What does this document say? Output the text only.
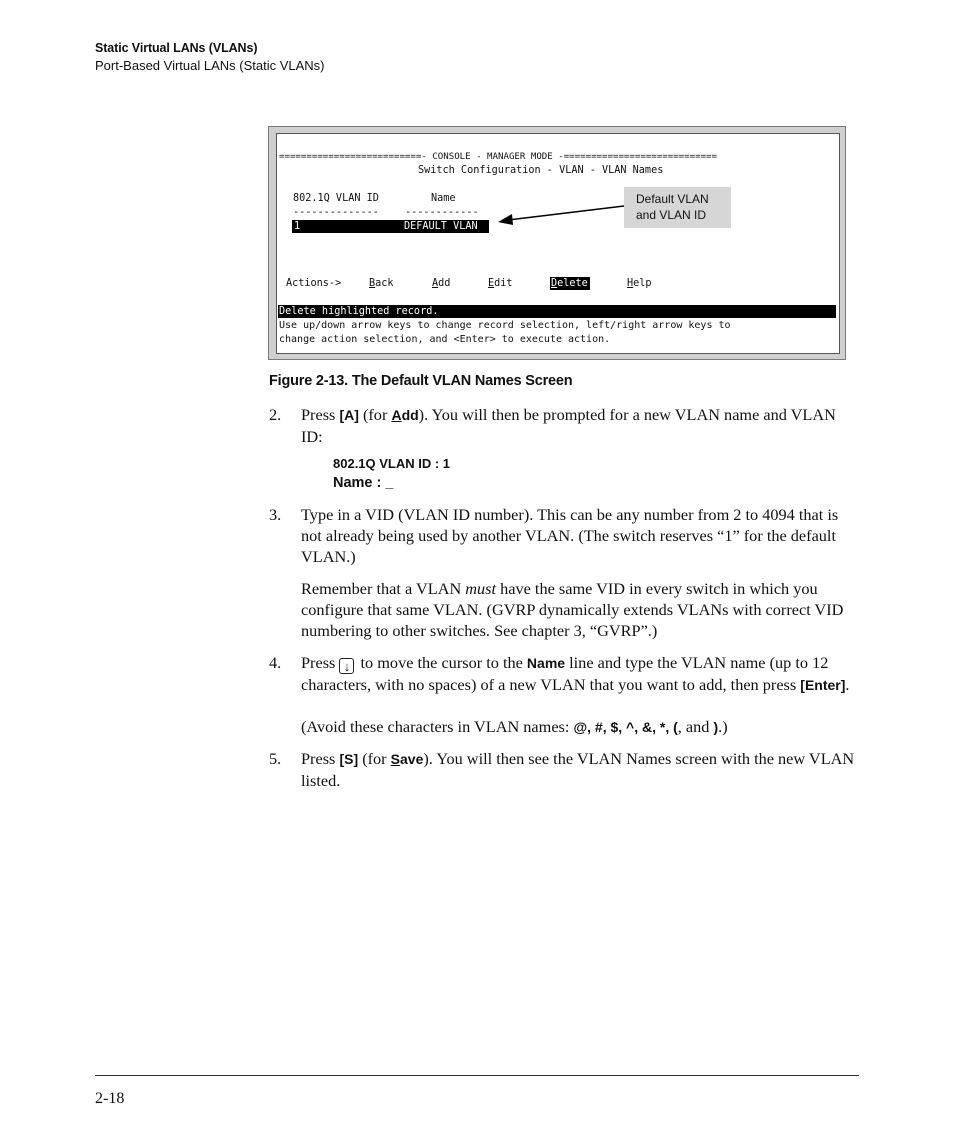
Static Virtual LANs (VLANs)
Port-Based Virtual LANs (Static VLANs)
==========================- CONSOLE - MANAGER MODE -============================
Switch Configuration - VLAN - VLAN Names
802.1Q VLAN ID	Name
--------------	------------
1	DEFAULT VLAN
Actions->	Back	Add	Edit	Delete	Help
Delete highlighted record.
Use up/down arrow keys to change record selection, left/right arrow keys to
change action selection, and <Enter> to execute action.
Default VLAN
and VLAN ID
Figure 2-13. The Default VLAN Names Screen
2. Press [A] (for Add). You will then be prompted for a new VLAN name and VLAN ID:
802.1Q VLAN ID : 1
Name : _
3. Type in a VID (VLAN ID number). This can be any number from 2 to 4094 that is not already being used by another VLAN. (The switch reserves “1” for the default VLAN.)
Remember that a VLAN must have the same VID in every switch in which you configure that same VLAN. (GVRP dynamically extends VLANs with correct VID numbering to other switches. See chapter 3, “GVRP”.)
4. Press ↓ to move the cursor to the Name line and type the VLAN name (up to 12 characters, with no spaces) of a new VLAN that you want to add, then press [Enter].
(Avoid these characters in VLAN names: @, #, $, ^, &, *, (, and ).)
5. Press [S] (for Save). You will then see the VLAN Names screen with the new VLAN listed.
2-18
